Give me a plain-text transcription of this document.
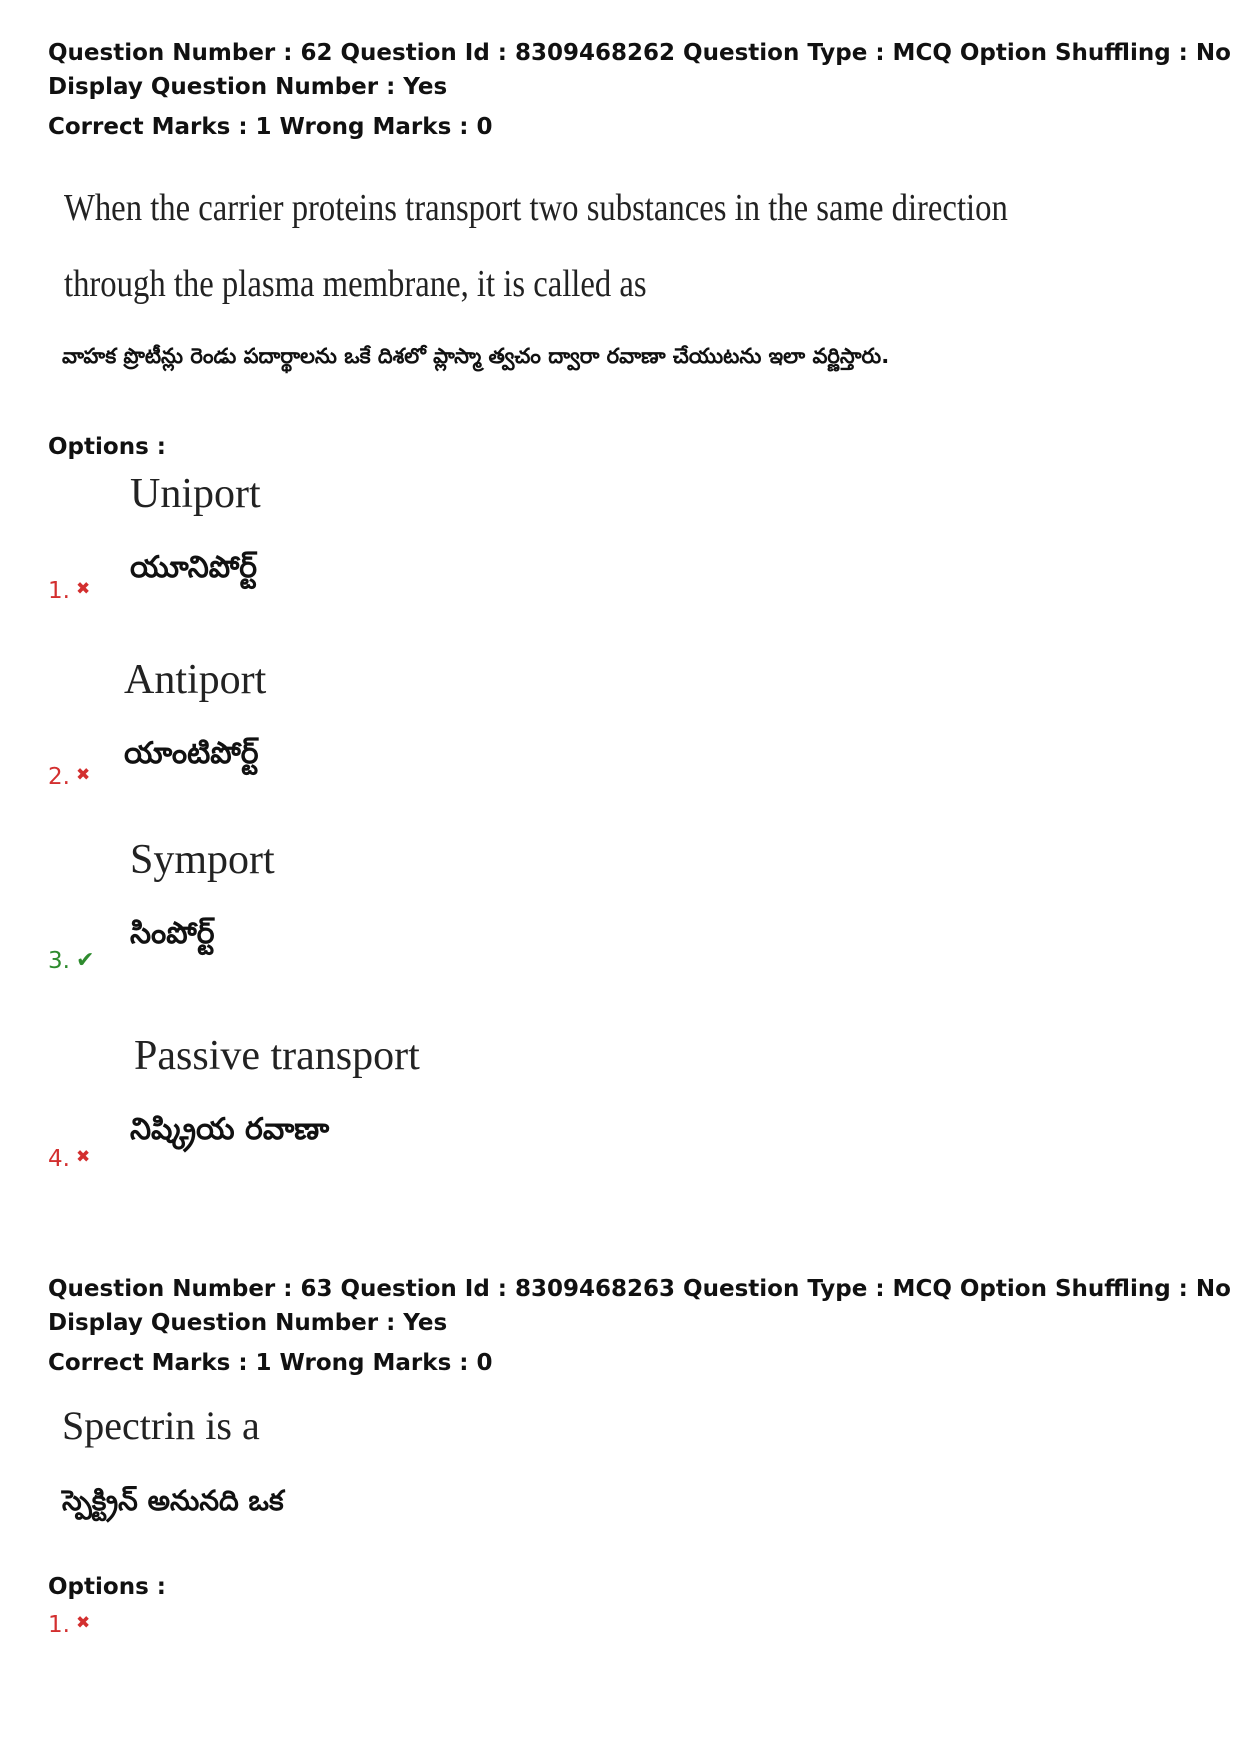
Question Number : 62 Question Id : 8309468262 Question Type : MCQ Option Shuffling : No
Display Question Number : Yes
Correct Marks : 1 Wrong Marks : 0
When the carrier proteins transport two substances in the same direction
through the plasma membrane, it is called as
వాహక ప్రొటీన్లు రెండు పదార్థాలను ఒకే దిశలో ప్లాస్మా త్వచం ద్వారా రవాణా చేయుటను ఇలా వర్ణిస్తారు.
Options :
Uniport
యూనిపోర్ట్
1. ✖
Antiport
యాంటిపోర్ట్
2. ✖
Symport
సింపోర్ట్
3. ✔
Passive transport
నిష్క్రియ రవాణా
4. ✖
Question Number : 63 Question Id : 8309468263 Question Type : MCQ Option Shuffling : No
Display Question Number : Yes
Correct Marks : 1 Wrong Marks : 0
Spectrin is a
స్పెక్ట్రిన్ అనునది ఒక
Options :
1. ✖
